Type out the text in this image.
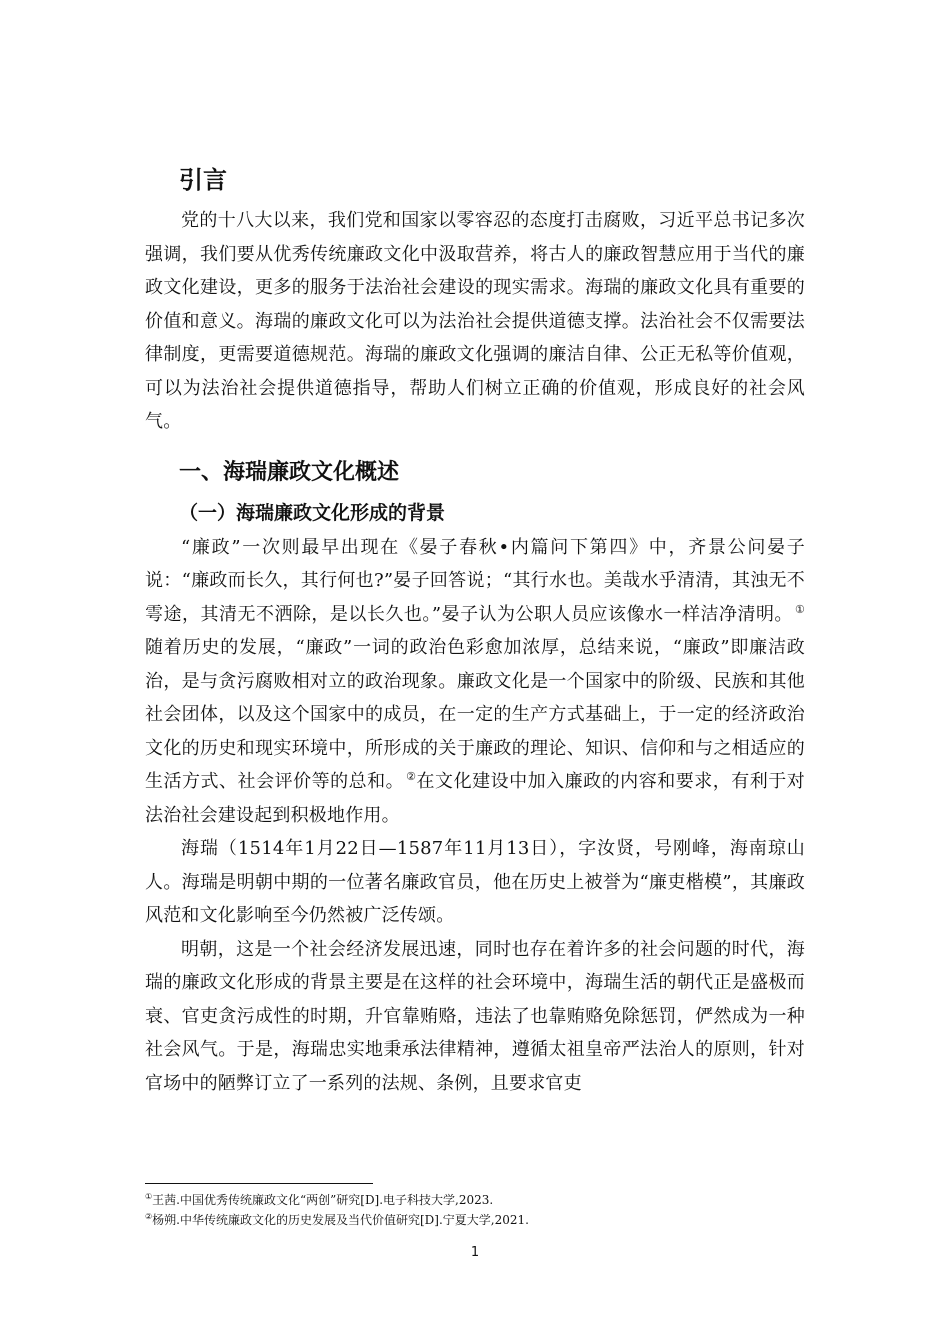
引言

党的十八大以来，我们党和国家以零容忍的态度打击腐败，习近平总书记多次强调，我们要从优秀传统廉政文化中汲取营养，将古人的廉政智慧应用于当代的廉政文化建设，更多的服务于法治社会建设的现实需求。海瑞的廉政文化具有重要的价值和意义。海瑞的廉政文化可以为法治社会提供道德支撑。法治社会不仅需要法律制度，更需要道德规范。海瑞的廉政文化强调的廉洁自律、公正无私等价值观，可以为法治社会提供道德指导，帮助人们树立正确的价值观，形成良好的社会风气。

一、海瑞廉政文化概述
（一）海瑞廉政文化形成的背景

“廉政”一次则最早出现在《晏子春秋•内篇问下第四》中，齐景公问晏子说：“廉政而长久，其行何也?”晏子回答说；“其行水也。美哉水乎清清，其浊无不雩途，其清无不洒除，是以长久也。”晏子认为公职人员应该像水一样洁净清明。 ①随着历史的发展，“廉政”一词的政治色彩愈加浓厚，总结来说，“廉政”即廉洁政治，是与贪污腐败相对立的政治现象。廉政文化是一个国家中的阶级、民族和其他社会团体，以及这个国家中的成员，在一定的生产方式基础上，于一定的经济政治文化的历史和现实环境中，所形成的关于廉政的理论、知识、信仰和与之相适应的生活方式、社会评价等的总和。 ②在文化建设中加入廉政的内容和要求，有利于对法治社会建设起到积极地作用。

海瑞（1514年1月22日—1587年11月13日），字汝贤，号刚峰，海南琼山人。海瑞是明朝中期的一位著名廉政官员，他在历史上被誉为“廉吏楷模”，其廉政风范和文化影响至今仍然被广泛传颂。

明朝，这是一个社会经济发展迅速，同时也存在着许多的社会问题的时代，海瑞的廉政文化形成的背景主要是在这样的社会环境中，海瑞生活的朝代正是盛极而衰、官吏贪污成性的时期，升官靠贿赂，违法了也靠贿赂免除惩罚，俨然成为一种社会风气。于是，海瑞忠实地秉承法律精神，遵循太祖皇帝严法治人的原则，针对官场中的陋弊订立了一系列的法规、条例，且要求官吏

①王茜.中国优秀传统廉政文化“两创”研究[D].电子科技大学,2023.
②杨朔.中华传统廉政文化的历史发展及当代价值研究[D].宁夏大学,2021.
1
